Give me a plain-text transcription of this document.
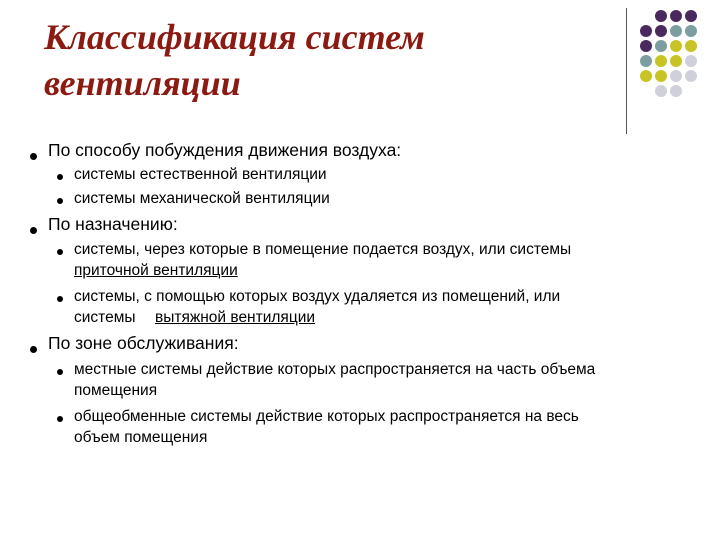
Классификация систем
вентиляции
По способу побуждения движения воздуха:
системы естественной вентиляции
системы механической вентиляции
По назначению:
системы, через которые в помещение подается воздух, или системы
приточной вентиляции
системы, с помощью которых воздух удаляется из помещений, или
системы вытяжной вентиляции
По зоне обслуживания:
местные системы действие которых распространяется на часть объема
помещения
общеобменные системы действие которых распространяется на весь
объем помещения
